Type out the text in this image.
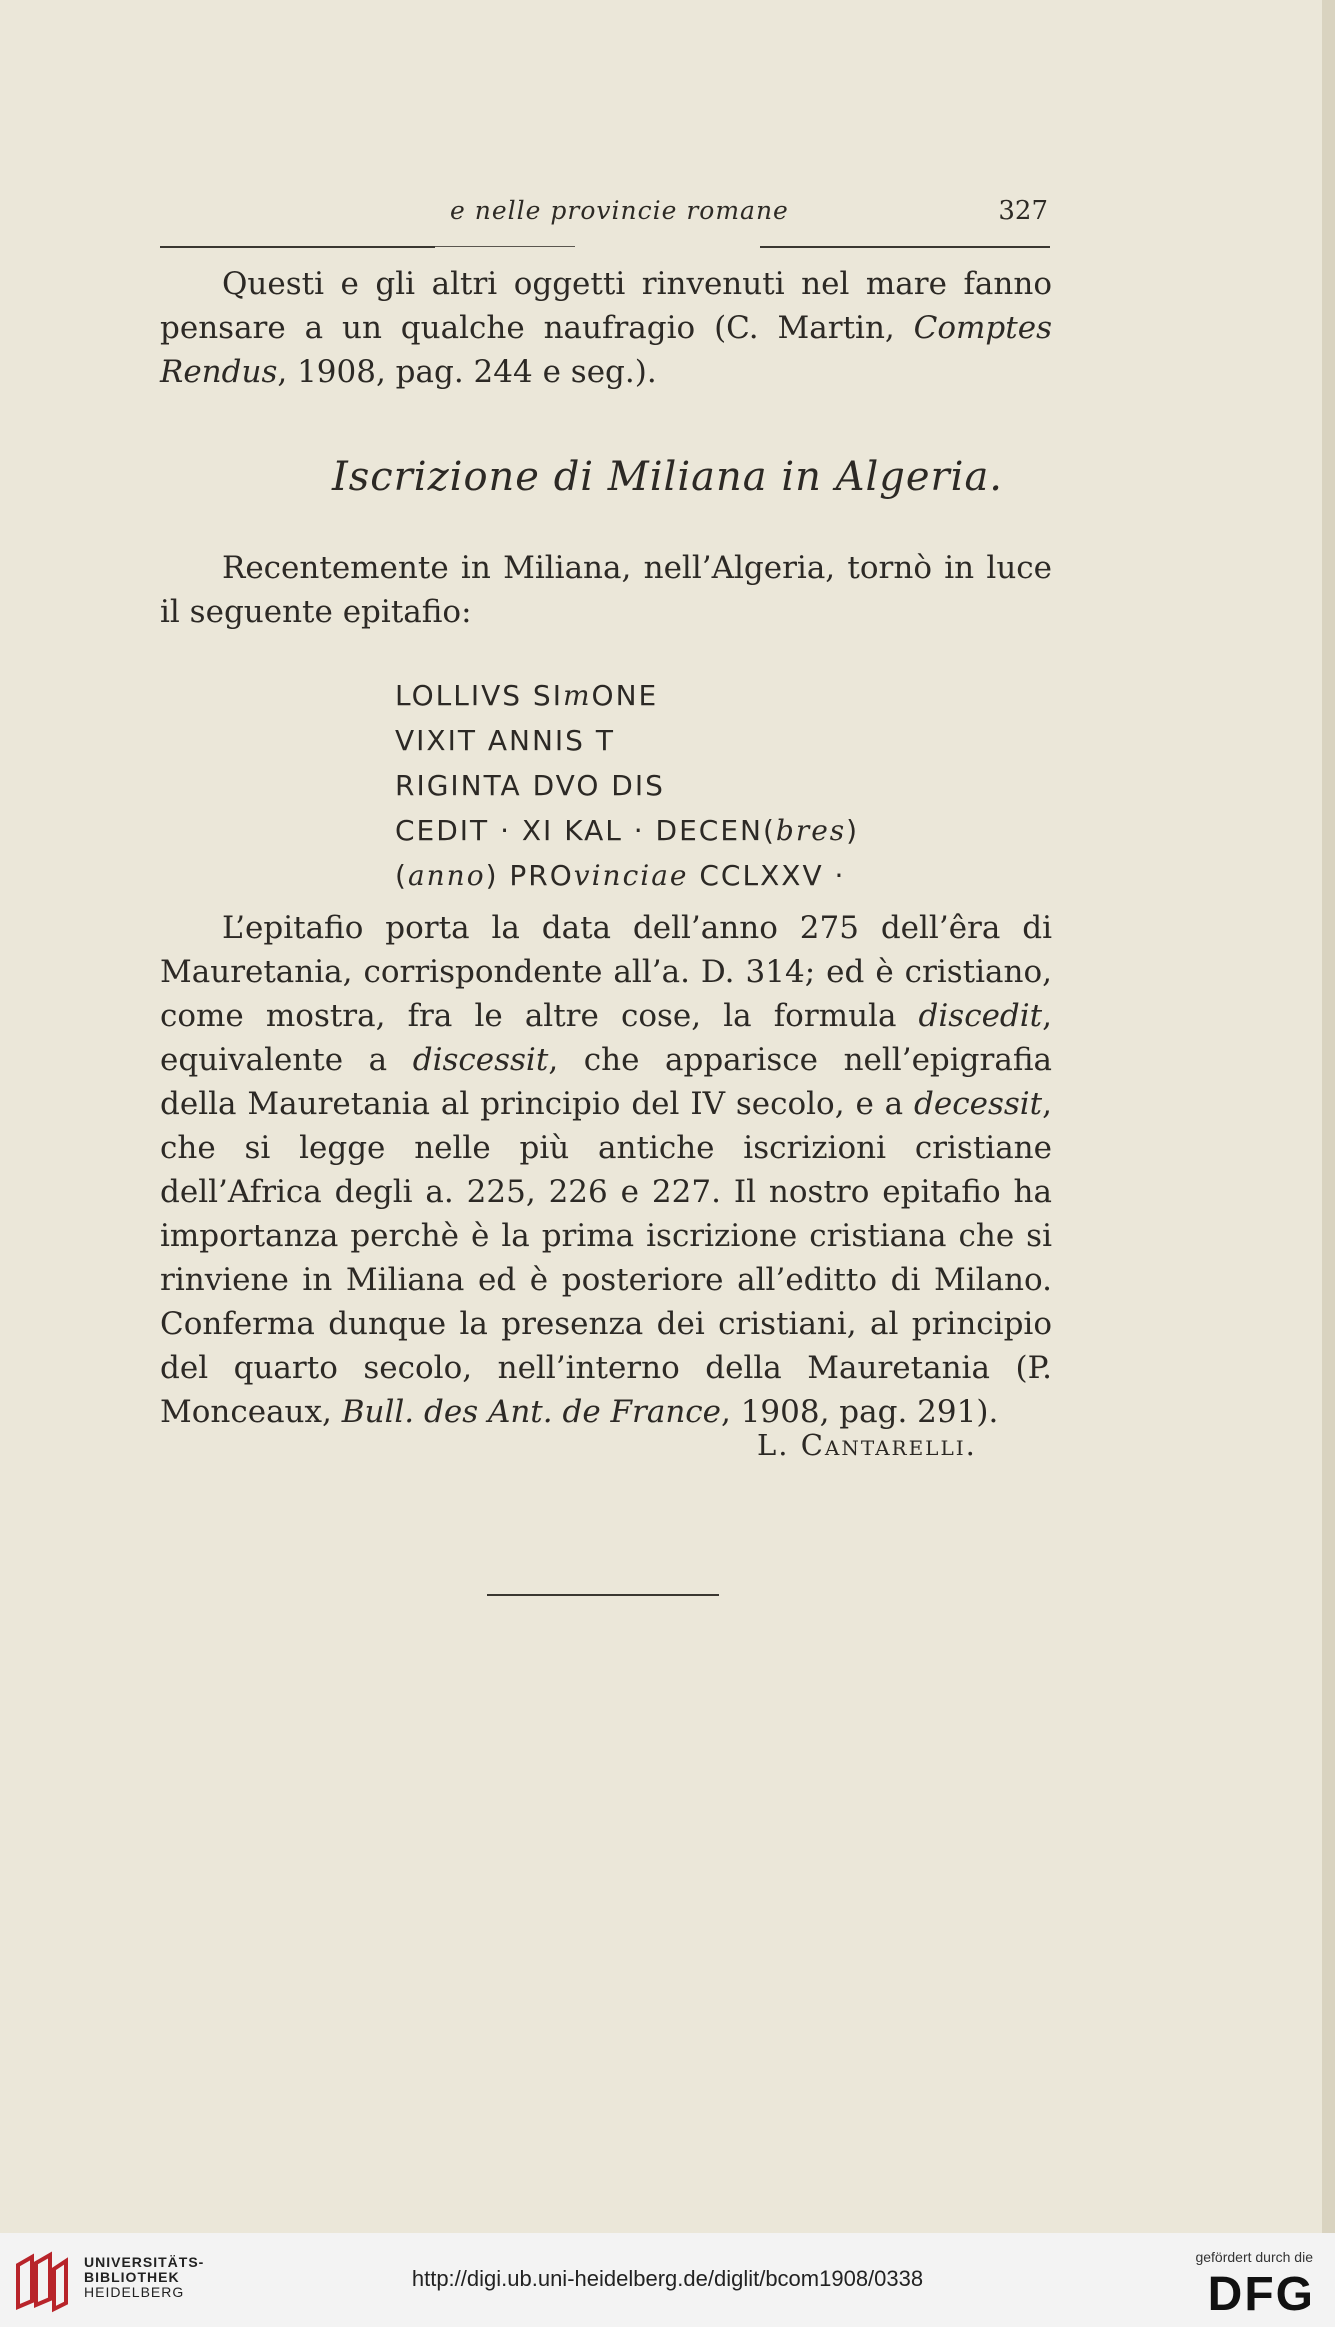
e nelle provincie romane	327

Questi e gli altri oggetti rinvenuti nel mare fanno pensare a un qualche naufragio (C. Martin, Comptes Rendus, 1908, pag. 244 e seg.).

Iscrizione di Miliana in Algeria.

Recentemente in Miliana, nell’Algeria, tornò in luce il seguente epitafio:

LOLLIVS SImONE
VIXIT ANNIS T
RIGINTA DVO DIS
CEDIT · XI KAL · DECEN(bres)
(anno) PROvinciae CCLXXV ·

L’epitafio porta la data dell’anno 275 dell’êra di Mauretania, corrispondente all’a. D. 314; ed è cristiano, come mostra, fra le altre cose, la formula discedit, equivalente a discessit, che apparisce nell’epigrafia della Mauretania al principio del IV secolo, e a decessit, che si legge nelle più antiche iscrizioni cristiane dell’Africa degli a. 225, 226 e 227. Il nostro epitafio ha importanza perchè è la prima iscrizione cristiana che si rinviene in Miliana ed è posteriore all’editto di Milano. Conferma dunque la presenza dei cristiani, al principio del quarto secolo, nell’interno della Mauretania (P. Monceaux, Bull. des Ant. de France, 1908, pag. 291).

L. Cantarelli.
UNIVERSITÄTS-
BIBLIOTHEK
HEIDELBERG
http://digi.ub.uni-heidelberg.de/diglit/bcom1908/0338
gefördert durch die
DFG
